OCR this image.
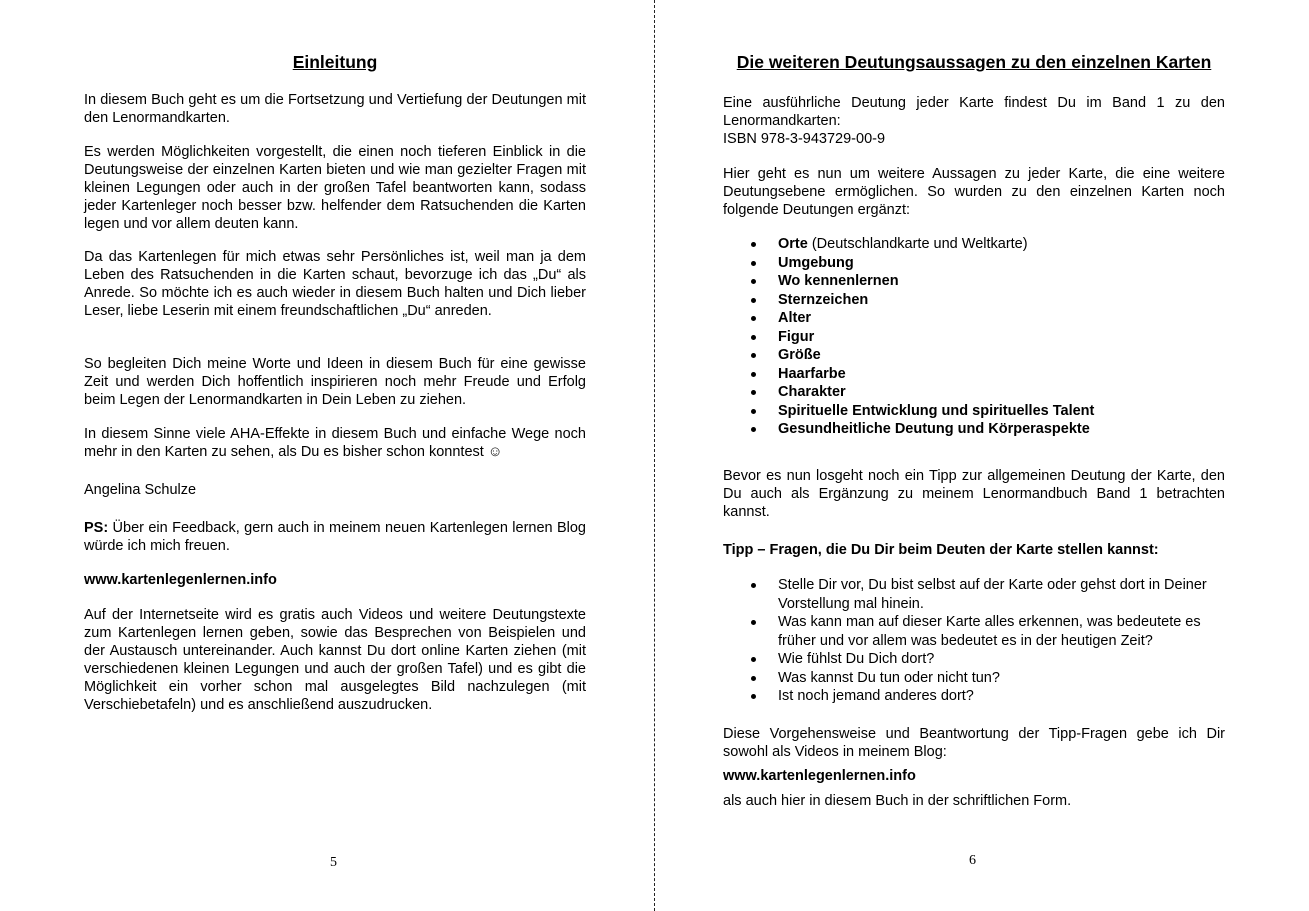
Einleitung

In diesem Buch geht es um die Fortsetzung und Vertiefung der Deutungen mit den Lenormandkarten.

Es werden Möglichkeiten vorgestellt, die einen noch tieferen Einblick in die Deutungsweise der einzelnen Karten bieten und wie man gezielter Fragen mit kleinen Legungen oder auch in der großen Tafel beantworten kann, sodass jeder Kartenleger noch besser bzw. helfender dem Ratsuchenden die Karten legen und vor allem deuten kann.

Da das Kartenlegen für mich etwas sehr Persönliches ist, weil man ja dem Leben des Ratsuchenden in die Karten schaut, bevorzuge ich das „Du“ als Anrede. So möchte ich es auch wieder in diesem Buch halten und Dich lieber Leser, liebe Leserin mit einem freundschaftlichen „Du“ anreden.

So begleiten Dich meine Worte und Ideen in diesem Buch für eine gewisse Zeit und werden Dich hoffentlich inspirieren noch mehr Freude und Erfolg beim Legen der Lenormandkarten in Dein Leben zu ziehen.

In diesem Sinne viele AHA-Effekte in diesem Buch und einfache Wege noch mehr in den Karten zu sehen, als Du es bisher schon konntest ☺

Angelina Schulze

PS: Über ein Feedback, gern auch in meinem neuen Kartenlegen lernen Blog würde ich mich freuen.

www.kartenlegenlernen.info

Auf der Internetseite wird es gratis auch Videos und weitere Deutungstexte zum Kartenlegen lernen geben, sowie das Besprechen von Beispielen und der Austausch untereinander. Auch kannst Du dort online Karten ziehen (mit verschiedenen kleinen Legungen und auch der großen Tafel) und es gibt die Möglichkeit ein vorher schon mal ausgelegtes Bild nachzulegen (mit Verschiebetafeln) und es anschließend auszudrucken.

5
Die weiteren Deutungsaussagen zu den einzelnen Karten

Eine ausführliche Deutung jeder Karte findest Du im Band 1 zu den Lenormandkarten:

ISBN 978-3-943729-00-9

Hier geht es nun um weitere Aussagen zu jeder Karte, die eine weitere Deutungsebene ermöglichen. So wurden zu den einzelnen Karten noch folgende Deutungen ergänzt:

Orte (Deutschlandkarte und Weltkarte)
Umgebung
Wo kennenlernen
Sternzeichen
Alter
Figur
Größe
Haarfarbe
Charakter
Spirituelle Entwicklung und spirituelles Talent
Gesundheitliche Deutung und Körperaspekte

Bevor es nun losgeht noch ein Tipp zur allgemeinen Deutung der Karte, den Du auch als Ergänzung zu meinem Lenormandbuch Band 1 betrachten kannst.

Tipp – Fragen, die Du Dir beim Deuten der Karte stellen kannst:

Stelle Dir vor, Du bist selbst auf der Karte oder gehst dort in Deiner Vorstellung mal hinein.
Was kann man auf dieser Karte alles erkennen, was bedeutete es früher und vor allem was bedeutet es in der heutigen Zeit?
Wie fühlst Du Dich dort?
Was kannst Du tun oder nicht tun?
Ist noch jemand anderes dort?

Diese Vorgehensweise und Beantwortung der Tipp-Fragen gebe ich Dir sowohl als Videos in meinem Blog:

www.kartenlegenlernen.info

als auch hier in diesem Buch in der schriftlichen Form.

6
